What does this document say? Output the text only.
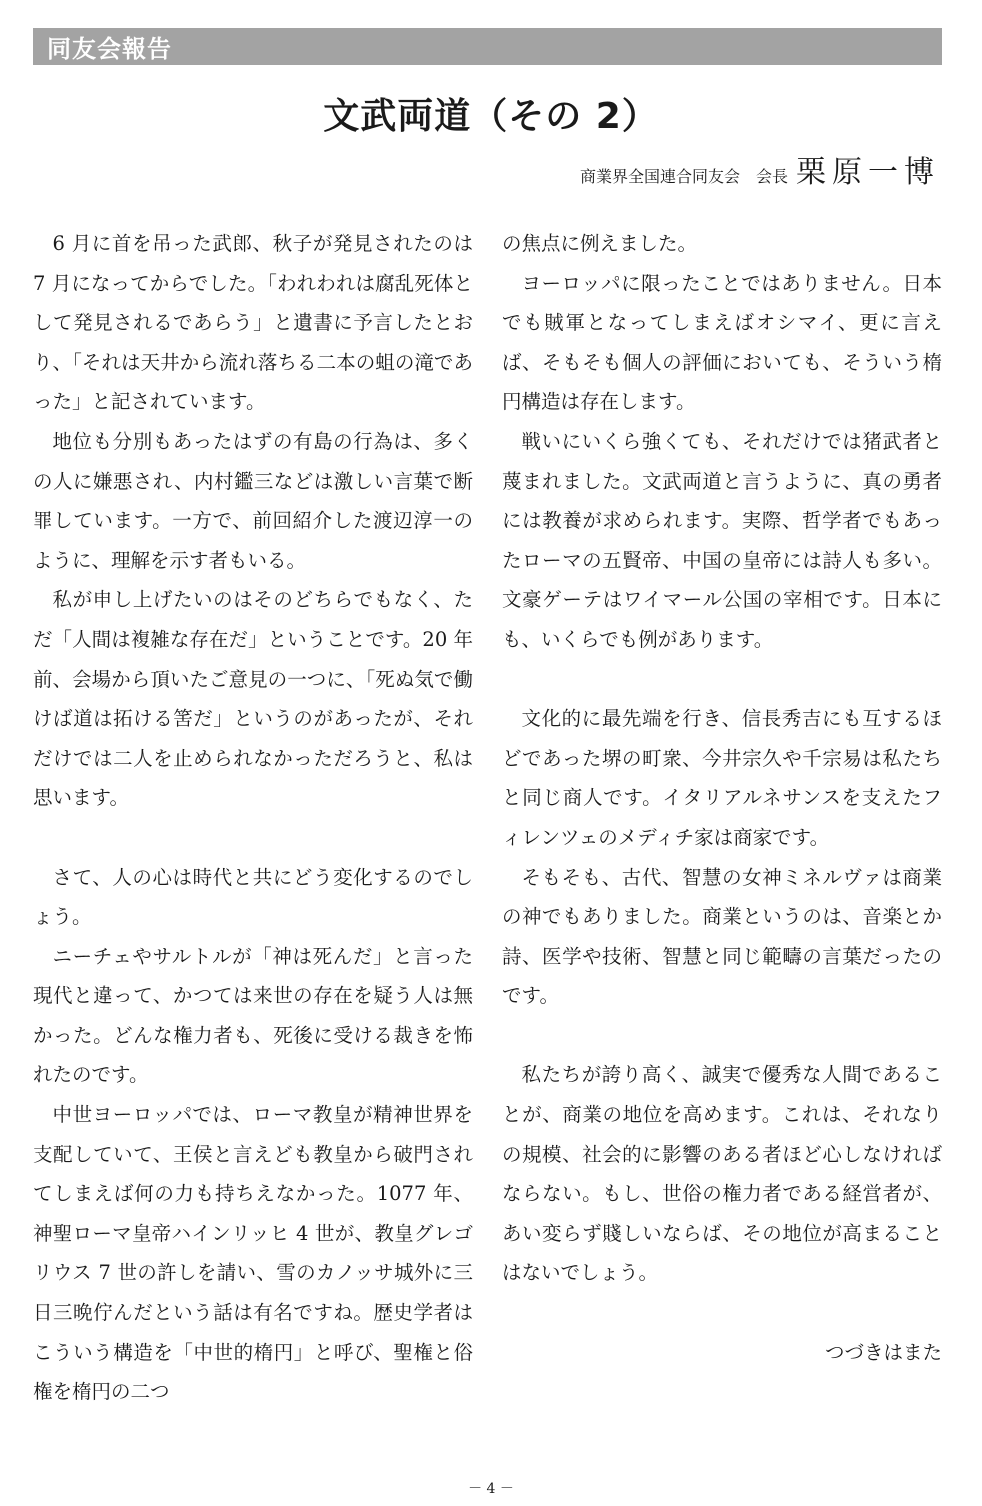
同友会報告
文武両道（その 2）
商業界全国連合同友会 会長 栗原一博

6 月に首を吊った武郎、秋子が発見されたのは 7 月になってからでした。「われわれは腐乱死体として発見されるであらう」と遺書に予言したとおり、「それは天井から流れ落ちる二本の蛆の滝であった」と記されています。

地位も分別もあったはずの有島の行為は、多くの人に嫌悪され、内村鑑三などは激しい言葉で断罪しています。一方で、前回紹介した渡辺淳一のように、理解を示す者もいる。

私が申し上げたいのはそのどちらでもなく、ただ「人間は複雑な存在だ」ということです。20 年前、会場から頂いたご意見の一つに、「死ぬ気で働けば道は拓ける筈だ」というのがあったが、それだけでは二人を止められなかっただろうと、私は思います。

さて、人の心は時代と共にどう変化するのでしょう。

ニーチェやサルトルが「神は死んだ」と言った現代と違って、かつては来世の存在を疑う人は無かった。どんな権力者も、死後に受ける裁きを怖れたのです。

中世ヨーロッパでは、ローマ教皇が精神世界を支配していて、王侯と言えども教皇から破門されてしまえば何の力も持ちえなかった。1077 年、神聖ローマ皇帝ハインリッヒ 4 世が、教皇グレゴリウス 7 世の許しを請い、雪のカノッサ城外に三日三晩佇んだという話は有名ですね。歴史学者はこういう構造を「中世的楕円」と呼び、聖権と俗権を楕円の二つ

の焦点に例えました。

ヨーロッパに限ったことではありません。日本でも賊軍となってしまえばオシマイ、更に言えば、そもそも個人の評価においても、そういう楕円構造は存在します。

戦いにいくら強くても、それだけでは猪武者と蔑まれました。文武両道と言うように、真の勇者には教養が求められます。実際、哲学者でもあったローマの五賢帝、中国の皇帝には詩人も多い。文豪ゲーテはワイマール公国の宰相です。日本にも、いくらでも例があります。

文化的に最先端を行き、信長秀吉にも互するほどであった堺の町衆、今井宗久や千宗易は私たちと同じ商人です。イタリアルネサンスを支えたフィレンツェのメディチ家は商家です。

そもそも、古代、智慧の女神ミネルヴァは商業の神でもありました。商業というのは、音楽とか詩、医学や技術、智慧と同じ範疇の言葉だったのです。

私たちが誇り高く、誠実で優秀な人間であることが、商業の地位を高めます。これは、それなりの規模、社会的に影響のある者ほど心しなければならない。もし、世俗の権力者である経営者が、あい変らず賤しいならば、その地位が高まることはないでしょう。

つづきはまた

－ 4 －
